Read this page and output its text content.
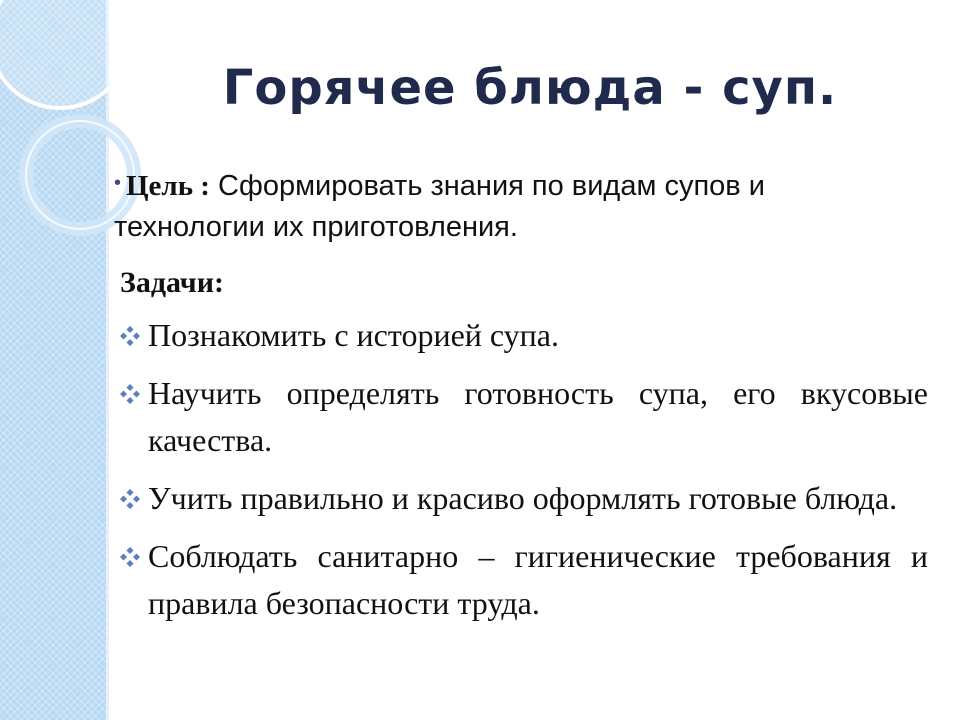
Горячее блюда - суп.
• Цель : Сформировать знания по видам супов и технологии их приготовления.
Задачи:
Познакомить с историей супа.
Научить определять готовность супа, его вкусовые качества.
Учить правильно и красиво оформлять готовые блюда.
Соблюдать санитарно – гигиенические требования и правила безопасности труда.
